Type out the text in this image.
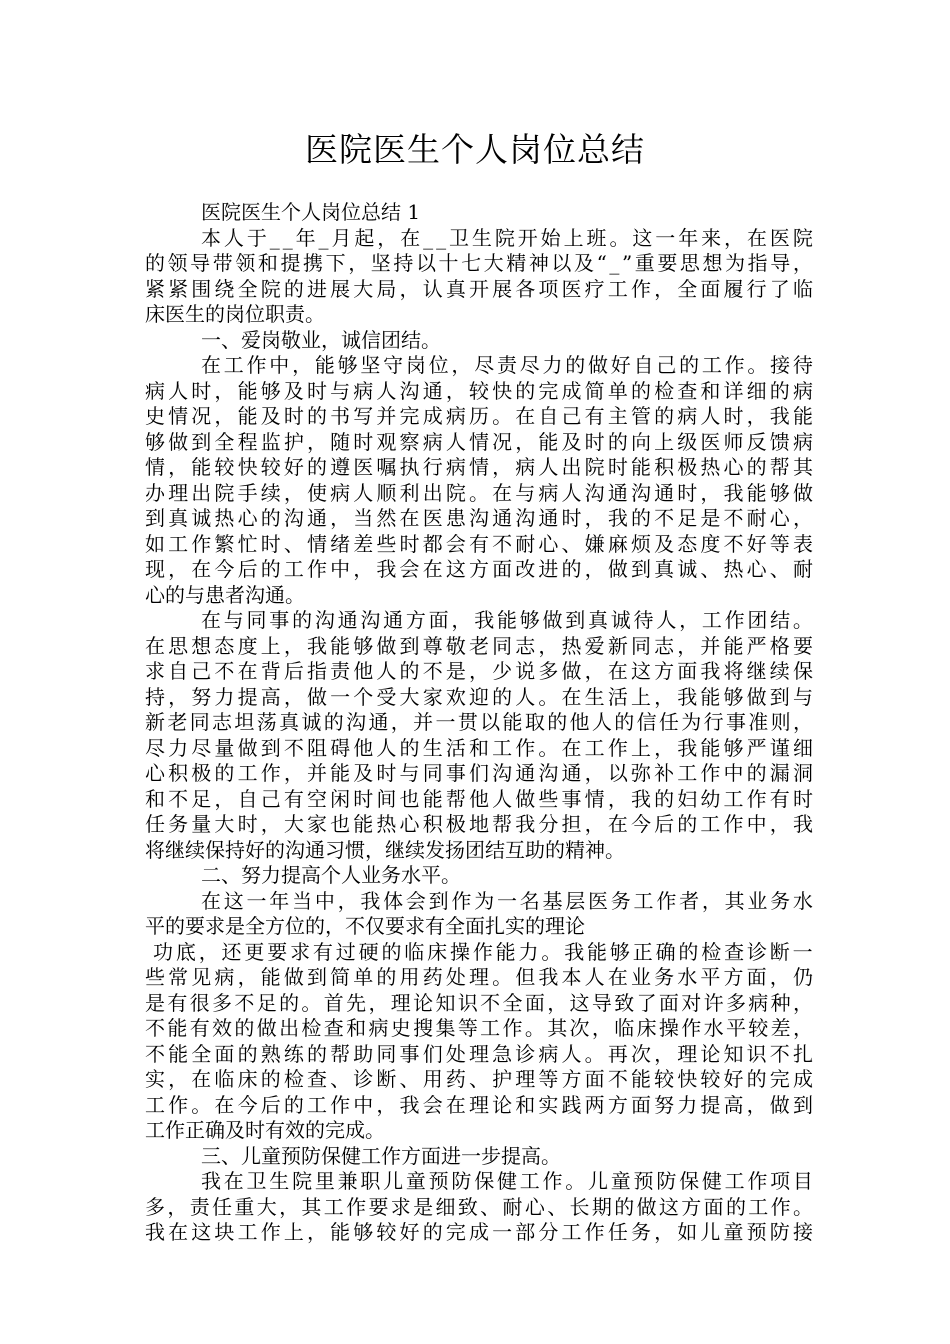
医院医生个人岗位总结
医院医生个人岗位总结 1
本 人 于 _ _ 年 _ 月 起 ， 在 _ _ 卫 生 院 开 始 上 班 。 这 一 年 来 ， 在 医 院
的 领 导 带 领 和 提 携 下 ， 坚 持 以 十 七 大 精 神 以 及 “ _ ” 重 要 思 想 为 指 导 ，
紧 紧 围 绕 全 院 的 进 展 大 局 ， 认 真 开 展 各 项 医 疗 工 作 ， 全 面 履 行 了 临
床医生的岗位职责。
一、爱岗敬业，诚信团结。
在 工 作 中 ， 能 够 坚 守 岗 位 ， 尽 责 尽 力 的 做 好 自 己 的 工 作 。 接 待
病 人 时 ， 能 够 及 时 与 病 人 沟 通 ， 较 快 的 完 成 简 单 的 检 查 和 详 细 的 病
史 情 况 ， 能 及 时 的 书 写 并 完 成 病 历 。 在 自 己 有 主 管 的 病 人 时 ， 我 能
够 做 到 全 程 监 护 ， 随 时 观 察 病 人 情 况 ， 能 及 时 的 向 上 级 医 师 反 馈 病
情 ， 能 较 快 较 好 的 遵 医 嘱 执 行 病 情 ， 病 人 出 院 时 能 积 极 热 心 的 帮 其
办 理 出 院 手 续 ， 使 病 人 顺 利 出 院 。 在 与 病 人 沟 通 沟 通 时 ， 我 能 够 做
到 真 诚 热 心 的 沟 通 ， 当 然 在 医 患 沟 通 沟 通 时 ， 我 的 不 足 是 不 耐 心 ，
如 工 作 繁 忙 时 、 情 绪 差 些 时 都 会 有 不 耐 心 、 嫌 麻 烦 及 态 度 不 好 等 表
现 ， 在 今 后 的 工 作 中 ， 我 会 在 这 方 面 改 进 的 ， 做 到 真 诚 、 热 心 、 耐
心的与患者沟通。
在 与 同 事 的 沟 通 沟 通 方 面 ， 我 能 够 做 到 真 诚 待 人 ， 工 作 团 结 。
在 思 想 态 度 上 ， 我 能 够 做 到 尊 敬 老 同 志 ， 热 爱 新 同 志 ， 并 能 严 格 要
求 自 己 不 在 背 后 指 责 他 人 的 不 是 ， 少 说 多 做 ， 在 这 方 面 我 将 继 续 保
持 ， 努 力 提 高 ， 做 一 个 受 大 家 欢 迎 的 人 。 在 生 活 上 ， 我 能 够 做 到 与
新 老 同 志 坦 荡 真 诚 的 沟 通 ， 并 一 贯 以 能 取 的 他 人 的 信 任 为 行 事 准 则 ，
尽 力 尽 量 做 到 不 阻 碍 他 人 的 生 活 和 工 作 。 在 工 作 上 ， 我 能 够 严 谨 细
心 积 极 的 工 作 ， 并 能 及 时 与 同 事 们 沟 通 沟 通 ， 以 弥 补 工 作 中 的 漏 洞
和 不 足 ， 自 己 有 空 闲 时 间 也 能 帮 他 人 做 些 事 情 ， 我 的 妇 幼 工 作 有 时
任 务 量 大 时 ， 大 家 也 能 热 心 积 极 地 帮 我 分 担 ， 在 今 后 的 工 作 中 ， 我
将继续保持好的沟通习惯，继续发扬团结互助的精神。
二、努力提高个人业务水平。
在 这 一 年 当 中 ， 我 体 会 到 作 为 一 名 基 层 医 务 工 作 者 ， 其 业 务 水
平的要求是全方位的，不仅要求有全面扎实的理论
功 底 ， 还 更 要 求 有 过 硬 的 临 床 操 作 能 力 。 我 能 够 正 确 的 检 查 诊 断 一
些 常 见 病 ， 能 做 到 简 单 的 用 药 处 理 。 但 我 本 人 在 业 务 水 平 方 面 ， 仍
是 有 很 多 不 足 的 。 首 先 ， 理 论 知 识 不 全 面 ， 这 导 致 了 面 对 许 多 病 种 ，
不 能 有 效 的 做 出 检 查 和 病 史 搜 集 等 工 作 。 其 次 ， 临 床 操 作 水 平 较 差 ，
不 能 全 面 的 熟 练 的 帮 助 同 事 们 处 理 急 诊 病 人 。 再 次 ， 理 论 知 识 不 扎
实 ， 在 临 床 的 检 查 、 诊 断 、 用 药 、 护 理 等 方 面 不 能 较 快 较 好 的 完 成
工 作 。 在 今 后 的 工 作 中 ， 我 会 在 理 论 和 实 践 两 方 面 努 力 提 高 ， 做 到
工作正确及时有效的完成。
三、儿童预防保健工作方面进一步提高。
我 在 卫 生 院 里 兼 职 儿 童 预 防 保 健 工 作 。 儿 童 预 防 保 健 工 作 项 目
多 ， 责 任 重 大 ， 其 工 作 要 求 是 细 致 、 耐 心 、 长 期 的 做 这 方 面 的 工 作 。
我 在 这 块 工 作 上 ， 能 够 较 好 的 完 成 一 部 分 工 作 任 务 ， 如 儿 童 预 防 接
